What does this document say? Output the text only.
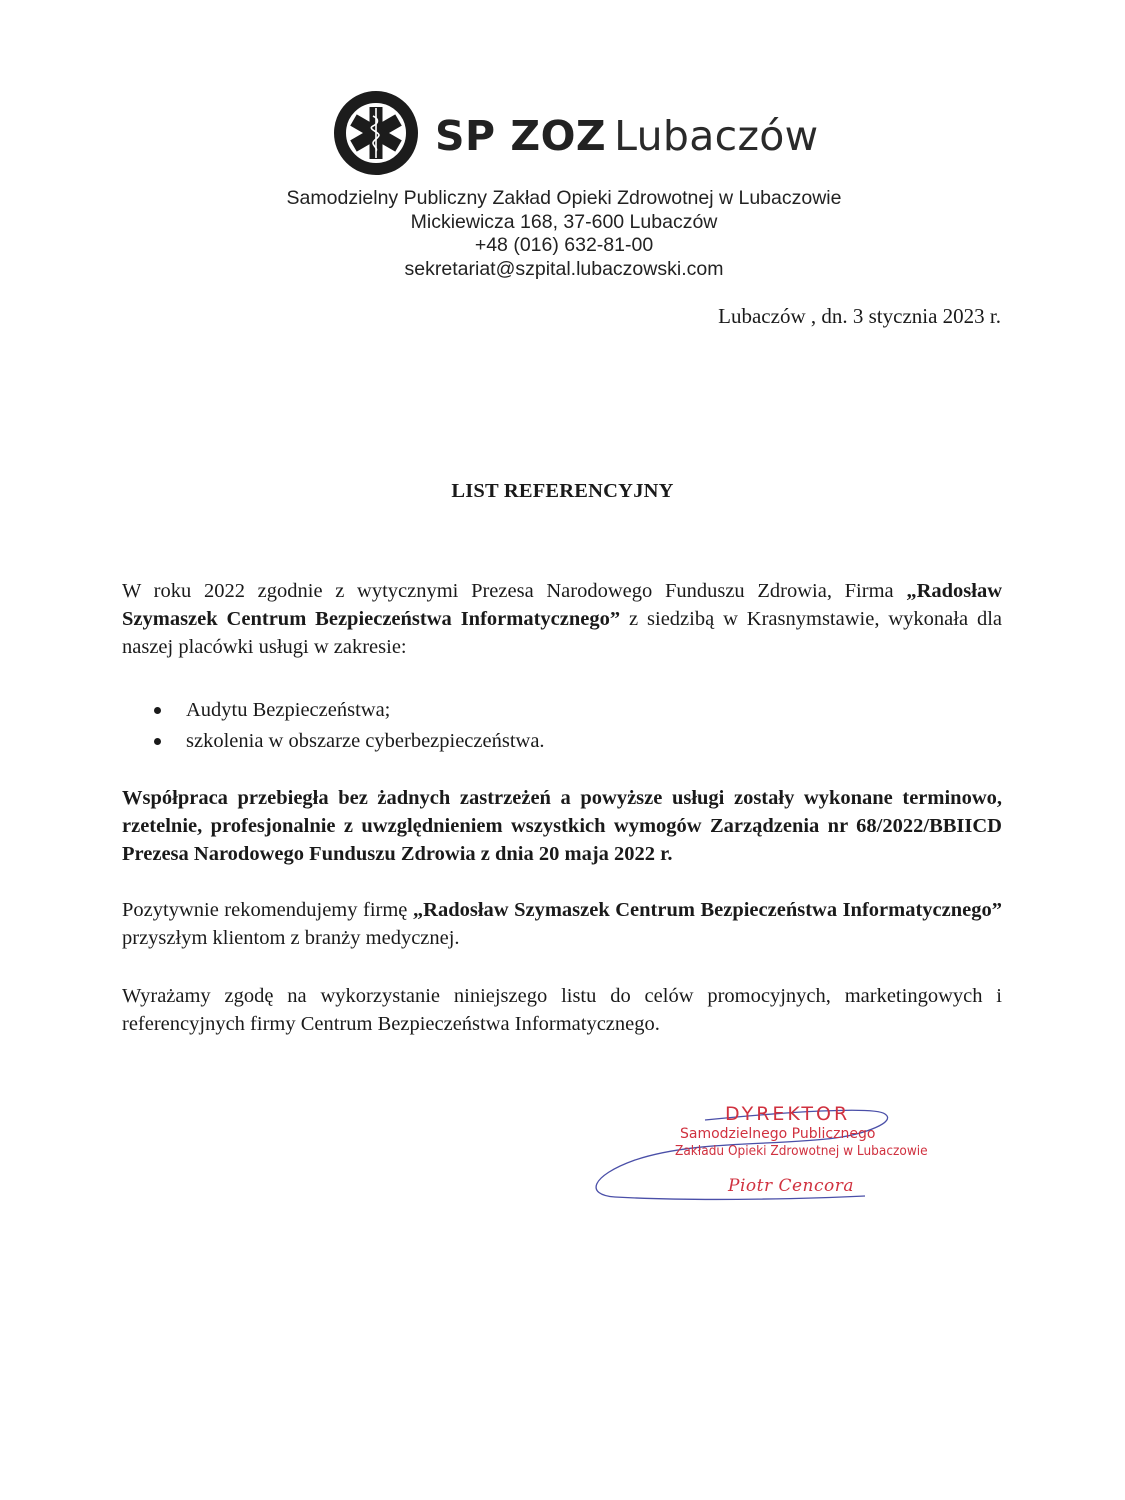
SP ZOZ Lubaczów
Samodzielny Publiczny Zakład Opieki Zdrowotnej w Lubaczowie
Mickiewicza 168, 37-600 Lubaczów
+48 (016) 632-81-00
sekretariat@szpital.lubaczowski.com
Lubaczów , dn. 3 stycznia 2023 r.
LIST REFERENCYJNY
W roku 2022 zgodnie z wytycznymi Prezesa Narodowego Funduszu Zdrowia, Firma „Radosław Szymaszek Centrum Bezpieczeństwa Informatycznego” z siedzibą w Krasnymstawie, wykonała dla naszej placówki usługi w zakresie:
Audytu Bezpieczeństwa;
szkolenia w obszarze cyberbezpieczeństwa.
Współpraca przebiegła bez żadnych zastrzeżeń a powyższe usługi zostały wykonane terminowo, rzetelnie, profesjonalnie z uwzględnieniem wszystkich wymogów Zarządzenia nr 68/2022/BBIICD Prezesa Narodowego Funduszu Zdrowia z dnia 20 maja 2022 r.
Pozytywnie rekomendujemy firmę „Radosław Szymaszek Centrum Bezpieczeństwa Informatycznego” przyszłym klientom z branży medycznej.
Wyrażamy zgodę na wykorzystanie niniejszego listu do celów promocyjnych, marketingowych i referencyjnych firmy Centrum Bezpieczeństwa Informatycznego.
DYREKTOR
Samodzielnego Publicznego
Zakładu Opieki Zdrowotnej w Lubaczowie
Piotr Cencora
